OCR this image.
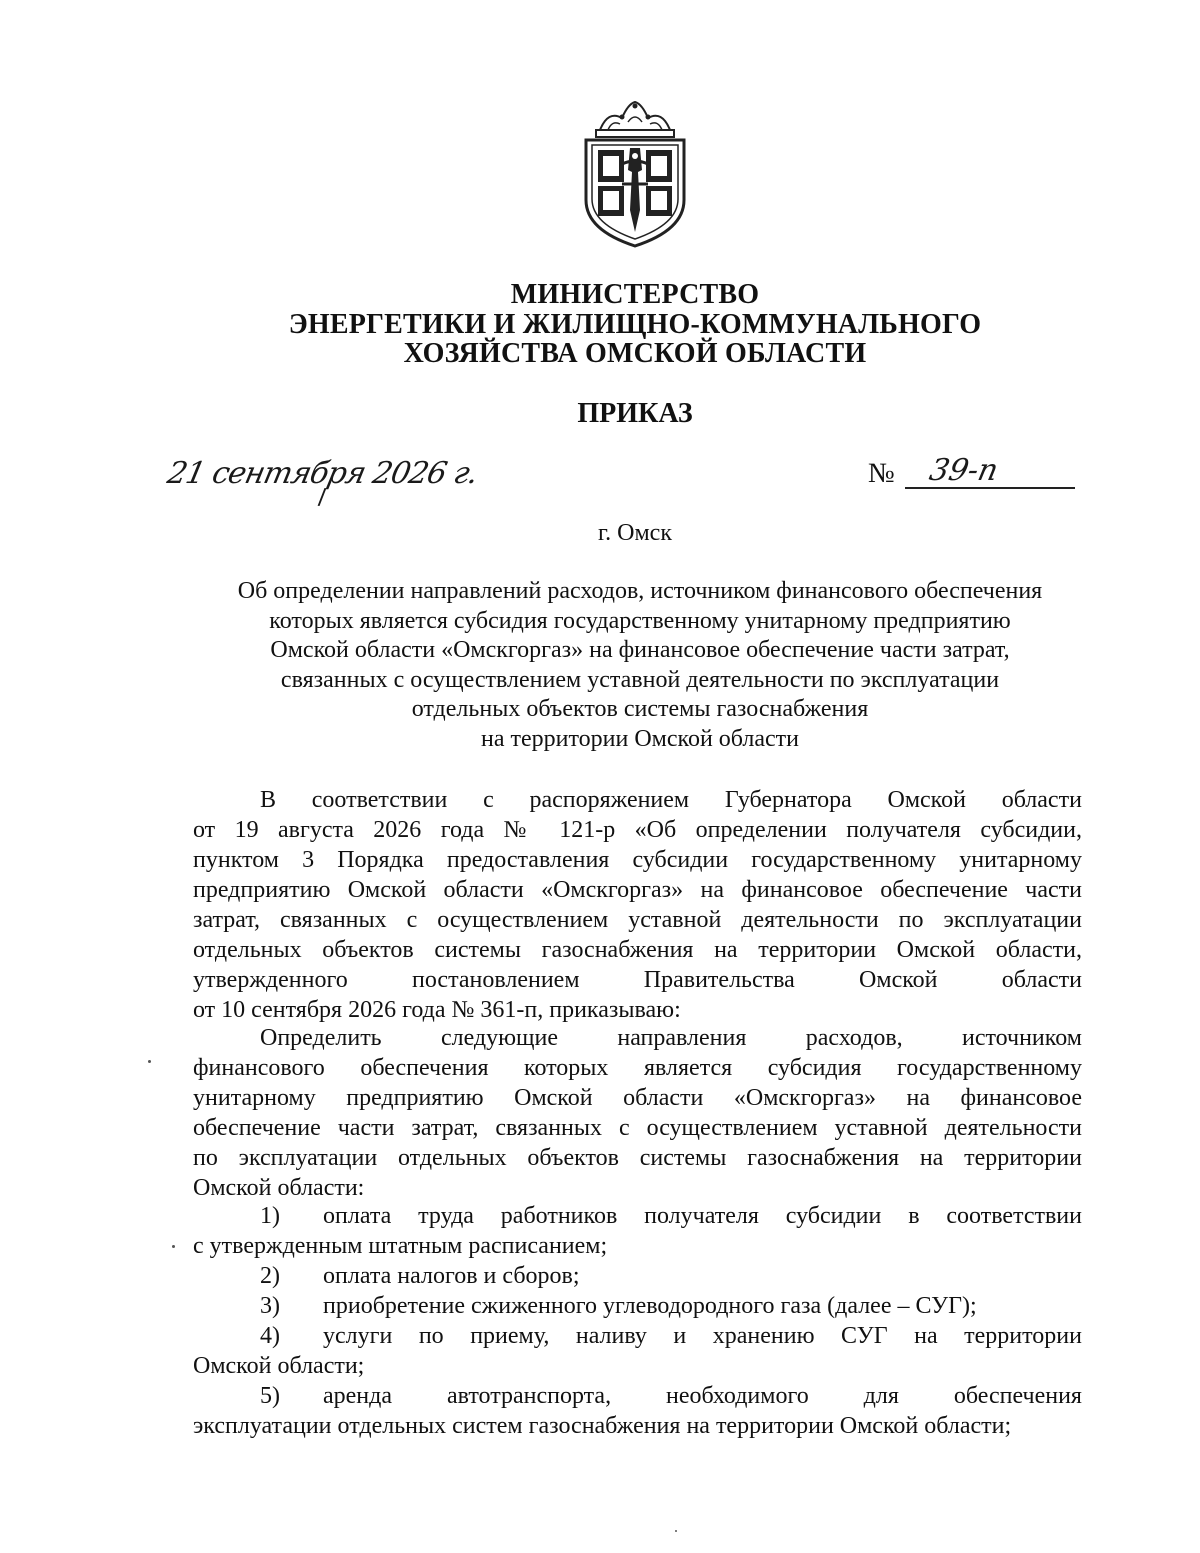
МИНИСТЕРСТВО
ЭНЕРГЕТИКИ И ЖИЛИЩНО-КОММУНАЛЬНОГО
ХОЗЯЙСТВА ОМСКОЙ ОБЛАСТИ
ПРИКАЗ
21 сентября 2026 г.	№ 39-п
г. Омск
Об определении направлений расходов, источником финансового обеспечения
которых является субсидия государственному унитарному предприятию
Омской области «Омскгоргаз» на финансовое обеспечение части затрат,
связанных с осуществлением уставной деятельности по эксплуатации
отдельных объектов системы газоснабжения
на территории Омской области
В соответствии с распоряжением Губернатора Омской области
от 19 августа 2026 года № 121-р «Об определении получателя субсидии,
пунктом 3 Порядка предоставления субсидии государственному унитарному
предприятию Омской области «Омскгоргаз» на финансовое обеспечение части
затрат, связанных с осуществлением уставной деятельности по эксплуатации
отдельных объектов системы газоснабжения на территории Омской области,
утвержденного	постановлением	Правительства	Омской	области
от 10 сентября 2026 года № 361-п, приказываю:
Определить следующие направления расходов, источником
финансового обеспечения которых является субсидия государственному
унитарному предприятию Омской области «Омскгоргаз» на финансовое
обеспечение части затрат, связанных с осуществлением уставной деятельности
по эксплуатации отдельных объектов системы газоснабжения на территории
Омской области:
1)	оплата труда работников получателя субсидии в соответствии
с утвержденным штатным расписанием;
2) оплата налогов и сборов;
3) приобретение сжиженного углеводородного газа (далее – СУГ);
4)	услуги по приему, наливу и хранению СУГ на территории
Омской области;
5)	аренда автотранспорта, необходимого для обеспечения
эксплуатации отдельных систем газоснабжения на территории Омской области;
